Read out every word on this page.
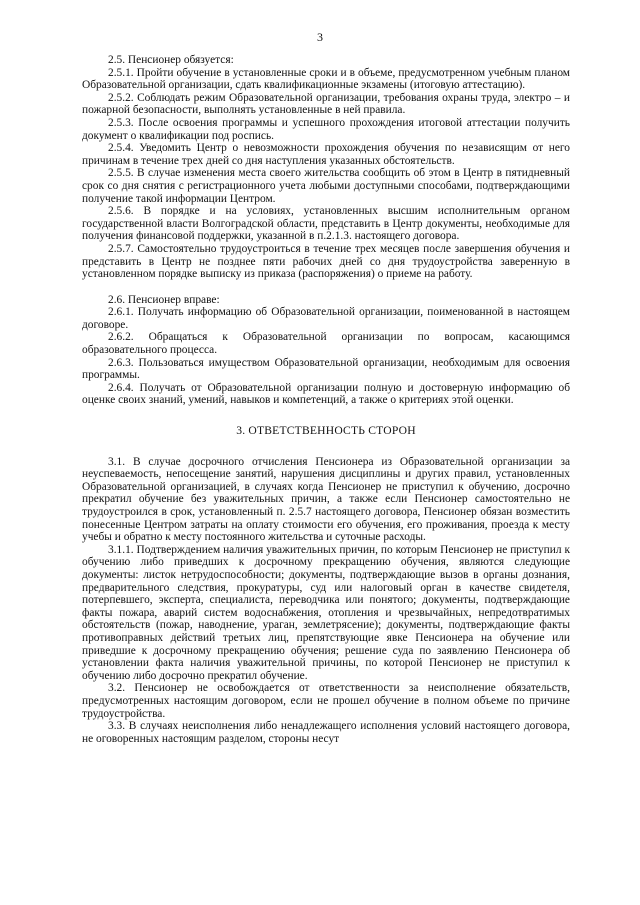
3

2.5. Пенсионер обязуется:

2.5.1. Пройти обучение в установленные сроки и в объеме, предусмотренном учебным планом Образовательной организации, сдать квалификационные экзамены (итоговую аттестацию).

2.5.2. Соблюдать режим Образовательной организации, требования охраны труда, электро – и пожарной безопасности, выполнять установленные в ней правила.

2.5.3. После освоения программы и успешного прохождения итоговой аттестации получить документ о квалификации под роспись.

2.5.4. Уведомить Центр о невозможности прохождения обучения по независящим от него причинам в течение трех дней со дня наступления указанных обстоятельств.

2.5.5. В случае изменения места своего жительства сообщить об этом в Центр в пятидневный срок со дня снятия с регистрационного учета любыми доступными способами, подтверждающими получение такой информации Центром.

2.5.6. В порядке и на условиях, установленных высшим исполнительным органом государственной власти Волгоградской области, представить в Центр документы, необходимые для получения финансовой поддержки, указанной в п.2.1.3. настоящего договора.

2.5.7. Самостоятельно трудоустроиться в течение трех месяцев после завершения обучения и представить в Центр не позднее пяти рабочих дней со дня трудоустройства заверенную в установленном порядке выписку из приказа (распоряжения) о приеме на работу.

2.6. Пенсионер вправе:

2.6.1. Получать информацию об Образовательной организации, поименованной в настоящем договоре.

2.6.2. Обращаться к Образовательной организации по вопросам, касающимся образовательного процесса.

2.6.3. Пользоваться имуществом Образовательной организации, необходимым для освоения программы.

2.6.4. Получать от Образовательной организации полную и достоверную информацию об оценке своих знаний, умений, навыков и компетенций, а также о критериях этой оценки.

3. ОТВЕТСТВЕННОСТЬ СТОРОН

3.1. В случае досрочного отчисления Пенсионера из Образовательной организации за неуспеваемость, непосещение занятий, нарушения дисциплины и других правил, установленных Образовательной организацией, в случаях когда Пенсионер не приступил к обучению, досрочно прекратил обучение без уважительных причин, а также если Пенсионер самостоятельно не трудоустроился в срок, установленный п. 2.5.7 настоящего договора, Пенсионер обязан возместить понесенные Центром затраты на оплату стоимости его обучения, его проживания, проезда к месту учебы и обратно к месту постоянного жительства и суточные расходы.

3.1.1. Подтверждением наличия уважительных причин, по которым Пенсионер не приступил к обучению либо приведших к досрочному прекращению обучения, являются следующие документы: листок нетрудоспособности; документы, подтверждающие вызов в органы дознания, предварительного следствия, прокуратуры, суд или налоговый орган в качестве свидетеля, потерпевшего, эксперта, специалиста, переводчика или понятого; документы, подтверждающие факты пожара, аварий систем водоснабжения, отопления и чрезвычайных, непредотвратимых обстоятельств (пожар, наводнение, ураган, землетрясение); документы, подтверждающие факты противоправных действий третьих лиц, препятствующие явке Пенсионера на обучение или приведшие к досрочному прекращению обучения; решение суда по заявлению Пенсионера об установлении факта наличия уважительной причины, по которой Пенсионер не приступил к обучению либо досрочно прекратил обучение.

3.2. Пенсионер не освобождается от ответственности за неисполнение обязательств, предусмотренных настоящим договором, если не прошел обучение в полном объеме по причине трудоустройства.

3.3. В случаях неисполнения либо ненадлежащего исполнения условий настоящего договора, не оговоренных настоящим разделом, стороны несут
